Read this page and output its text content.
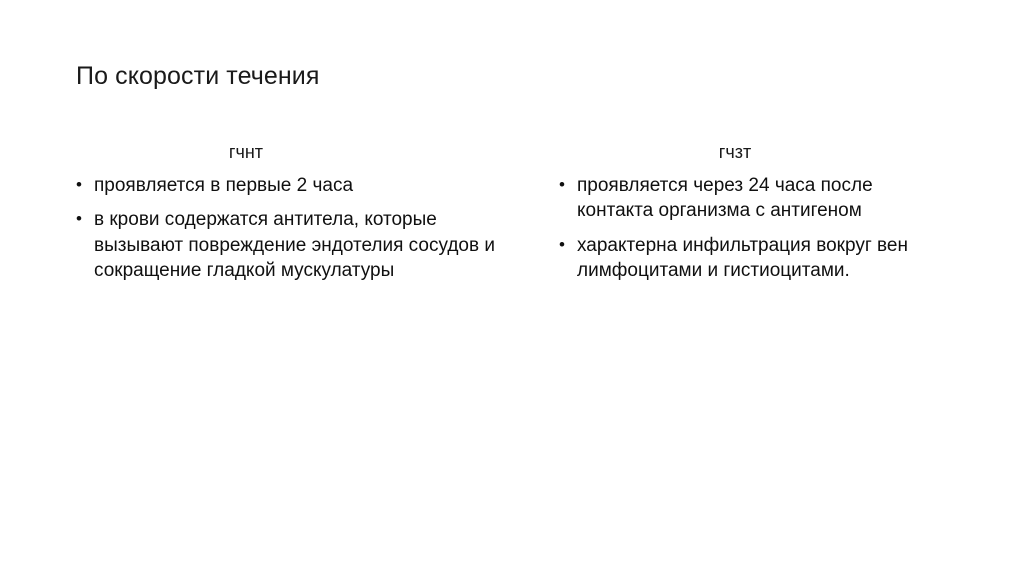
По скорости течения
гчнт
• проявляется в первые 2 часа
• в крови содержатся антитела, которые вызывают повреждение эндотелия сосудов и сокращение гладкой мускулатуры
гчзт
• проявляется через 24 часа после контакта организма с антигеном
• характерна инфильтрация вокруг вен лимфоцитами и гистиоцитами.
